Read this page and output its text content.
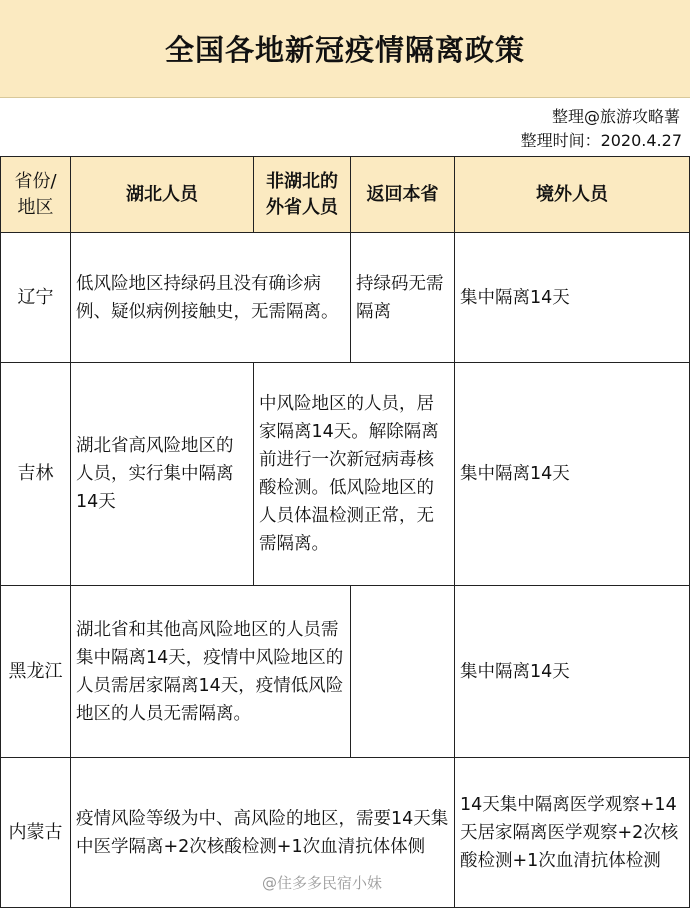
全国各地新冠疫情隔离政策
整理@旅游攻略薯
整理时间：2020.4.27
省份/地区	湖北人员	非湖北的外省人员	返回本省	境外人员
辽宁	低风险地区持绿码且没有确诊病例、疑似病例接触史，无需隔离。		持绿码无需隔离	集中隔离14天
吉林	湖北省高风险地区的人员，实行集中隔离14天	中风险地区的人员，居家隔离14天。解除隔离前进行一次新冠病毒核酸检测。低风险地区的人员体温检测正常，无需隔离。		集中隔离14天
黑龙江	湖北省和其他高风险地区的人员需集中隔离14天，疫情中风险地区的人员需居家隔离14天，疫情低风险地区的人员无需隔离。			集中隔离14天
内蒙古	疫情风险等级为中、高风险的地区，需要14天集中医学隔离+2次核酸检测+1次血清抗体体侧			14天集中隔离医学观察+14天居家隔离医学观察+2次核酸检测+1次血清抗体检测
@住多多民宿小妹
